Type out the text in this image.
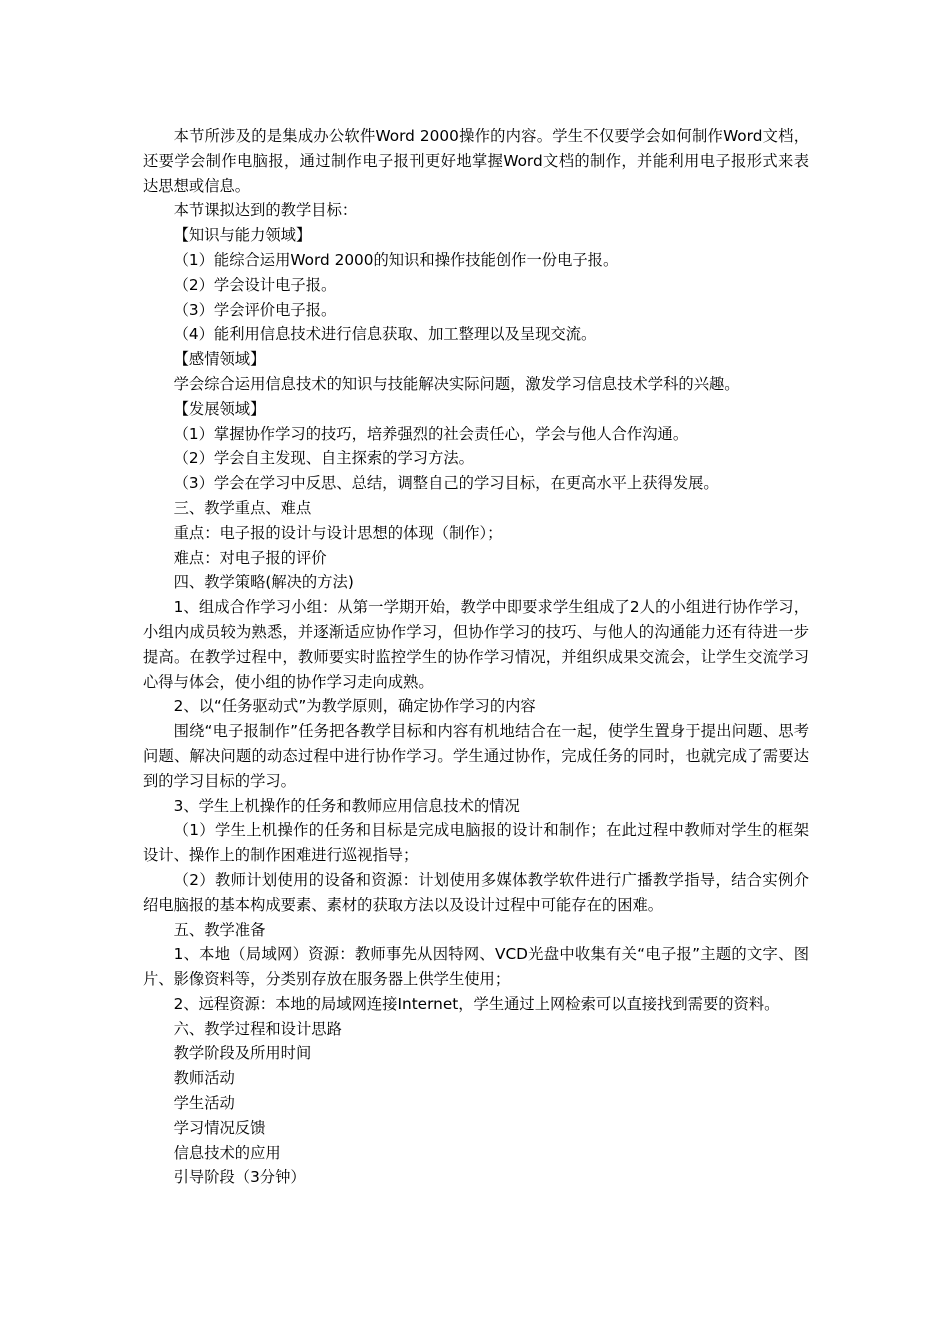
本节所涉及的是集成办公软件Word 2000操作的内容。学生不仅要学会如何制作Word文档，还要学会制作电脑报，通过制作电子报刊更好地掌握Word文档的制作，并能利用电子报形式来表达思想或信息。

本节课拟达到的教学目标：

【知识与能力领域】

（1）能综合运用Word 2000的知识和操作技能创作一份电子报。

（2）学会设计电子报。

（3）学会评价电子报。

（4）能利用信息技术进行信息获取、加工整理以及呈现交流。

【感情领域】

学会综合运用信息技术的知识与技能解决实际问题，激发学习信息技术学科的兴趣。

【发展领域】

（1）掌握协作学习的技巧，培养强烈的社会责任心，学会与他人合作沟通。

（2）学会自主发现、自主探索的学习方法。

（3）学会在学习中反思、总结，调整自己的学习目标，在更高水平上获得发展。

三、教学重点、难点

重点：电子报的设计与设计思想的体现（制作）；

难点：对电子报的评价

四、教学策略(解决的方法)

1、组成合作学习小组：从第一学期开始，教学中即要求学生组成了2人的小组进行协作学习，小组内成员较为熟悉，并逐渐适应协作学习，但协作学习的技巧、与他人的沟通能力还有待进一步提高。在教学过程中，教师要实时监控学生的协作学习情况，并组织成果交流会，让学生交流学习心得与体会，使小组的协作学习走向成熟。

2、以“任务驱动式”为教学原则，确定协作学习的内容

围绕“电子报制作”任务把各教学目标和内容有机地结合在一起，使学生置身于提出问题、思考问题、解决问题的动态过程中进行协作学习。学生通过协作，完成任务的同时，也就完成了需要达到的学习目标的学习。

3、学生上机操作的任务和教师应用信息技术的情况

（1）学生上机操作的任务和目标是完成电脑报的设计和制作；在此过程中教师对学生的框架设计、操作上的制作困难进行巡视指导；

（2）教师计划使用的设备和资源：计划使用多媒体教学软件进行广播教学指导，结合实例介绍电脑报的基本构成要素、素材的获取方法以及设计过程中可能存在的困难。

五、教学准备

1、本地（局域网）资源：教师事先从因特网、VCD光盘中收集有关“电子报”主题的文字、图片、影像资料等，分类别存放在服务器上供学生使用；

2、远程资源：本地的局域网连接Internet，学生通过上网检索可以直接找到需要的资料。

六、教学过程和设计思路

教学阶段及所用时间

教师活动

学生活动

学习情况反馈

信息技术的应用

引导阶段（3分钟）
